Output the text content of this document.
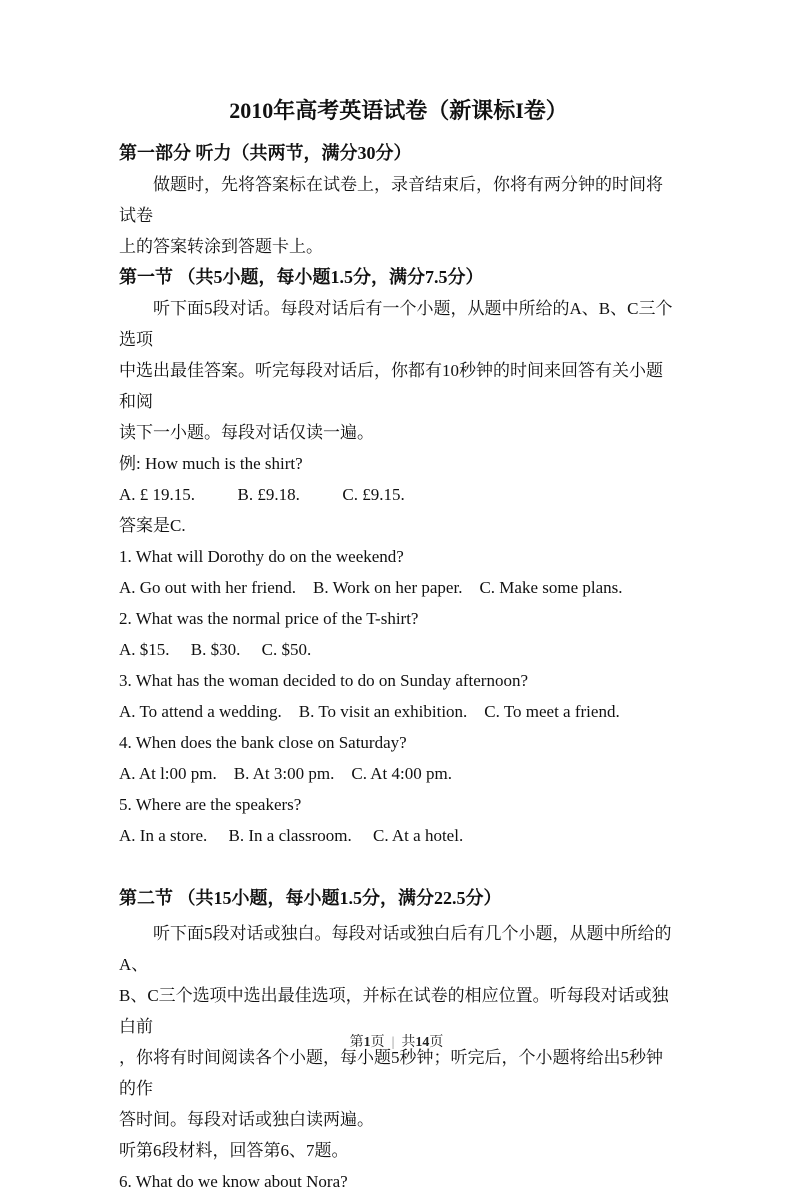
2010年高考英语试卷（新课标I卷）
第一部分 听力（共两节，满分30分）
做题时，先将答案标在试卷上，录音结束后，你将有两分钟的时间将试卷
上的答案转涂到答题卡上。
第一节 （共5小题，每小题1.5分，满分7.5分）
听下面5段对话。每段对话后有一个小题，从题中所给的A、B、C三个选项
中选出最佳答案。听完每段对话后，你都有10秒钟的时间来回答有关小题和阅
读下一小题。每段对话仅读一遍。
例: How much is the shirt?
A. £ 19.15.          B. £9.18.          C. £9.15.
答案是C.
1. What will Dorothy do on the weekend?
A. Go out with her friend.    B. Work on her paper.    C. Make some plans.
2. What was the normal price of the T-shirt?
A. $15.     B. $30.     C. $50.
3. What has the woman decided to do on Sunday afternoon?
A. To attend a wedding.    B. To visit an exhibition.    C. To meet a friend.
4. When does the bank close on Saturday?
A. At l:00 pm.    B. At 3:00 pm.    C. At 4:00 pm.
5. Where are the speakers?
A. In a store.     B. In a classroom.     C. At a hotel.
第二节 （共15小题，每小题1.5分，满分22.5分）
听下面5段对话或独白。每段对话或独白后有几个小题，从题中所给的A、
B、C三个选项中选出最佳选项，并标在试卷的相应位置。听每段对话或独白前
，你将有时间阅读各个小题，每小题5秒钟；听完后，个小题将给出5秒钟的作
答时间。每段对话或独白读两遍。
听第6段材料，回答第6、7题。
6. What do we know about Nora?
第1页 | 共14页
